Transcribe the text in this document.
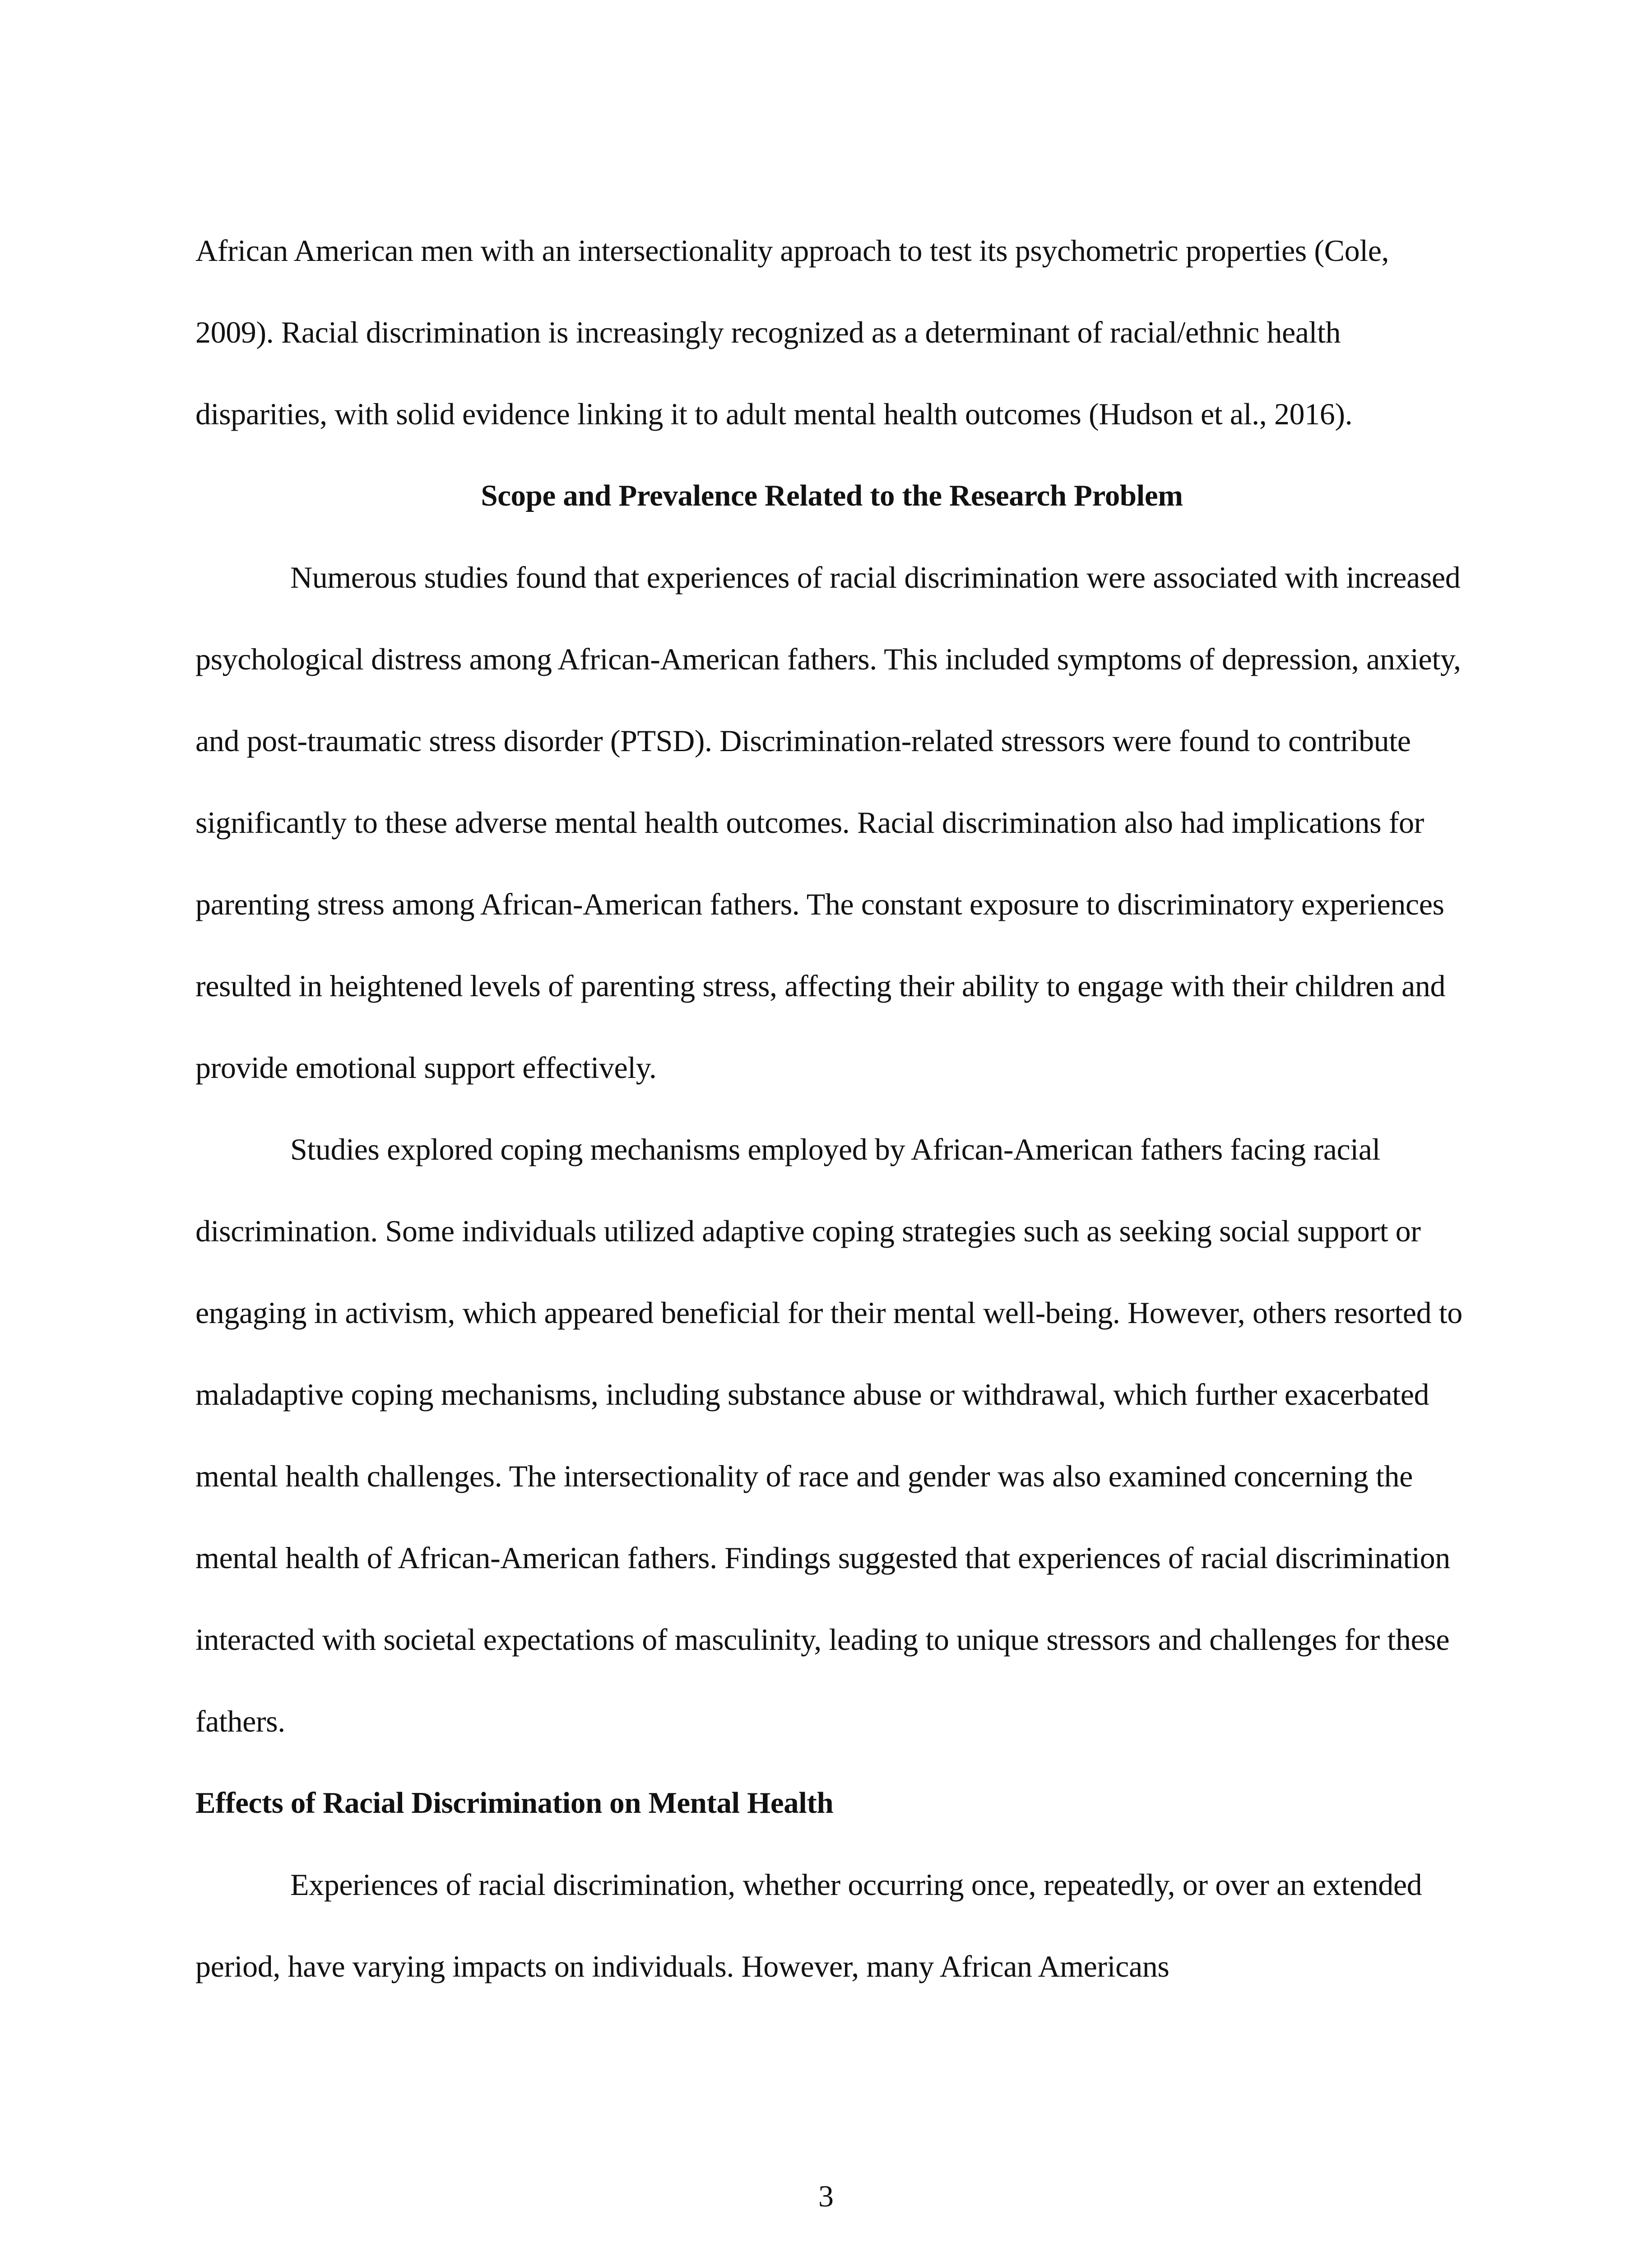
African American men with an intersectionality approach to test its psychometric properties (Cole, 2009). Racial discrimination is increasingly recognized as a determinant of racial/ethnic health disparities, with solid evidence linking it to adult mental health outcomes (Hudson et al., 2016).

Scope and Prevalence Related to the Research Problem

Numerous studies found that experiences of racial discrimination were associated with increased psychological distress among African-American fathers. This included symptoms of depression, anxiety, and post-traumatic stress disorder (PTSD). Discrimination-related stressors were found to contribute significantly to these adverse mental health outcomes. Racial discrimination also had implications for parenting stress among African-American fathers. The constant exposure to discriminatory experiences resulted in heightened levels of parenting stress, affecting their ability to engage with their children and provide emotional support effectively.

Studies explored coping mechanisms employed by African-American fathers facing racial discrimination. Some individuals utilized adaptive coping strategies such as seeking social support or engaging in activism, which appeared beneficial for their mental well-being. However, others resorted to maladaptive coping mechanisms, including substance abuse or withdrawal, which further exacerbated mental health challenges. The intersectionality of race and gender was also examined concerning the mental health of African-American fathers. Findings suggested that experiences of racial discrimination interacted with societal expectations of masculinity, leading to unique stressors and challenges for these fathers.

Effects of Racial Discrimination on Mental Health

Experiences of racial discrimination, whether occurring once, repeatedly, or over an extended period, have varying impacts on individuals. However, many African Americans

3
